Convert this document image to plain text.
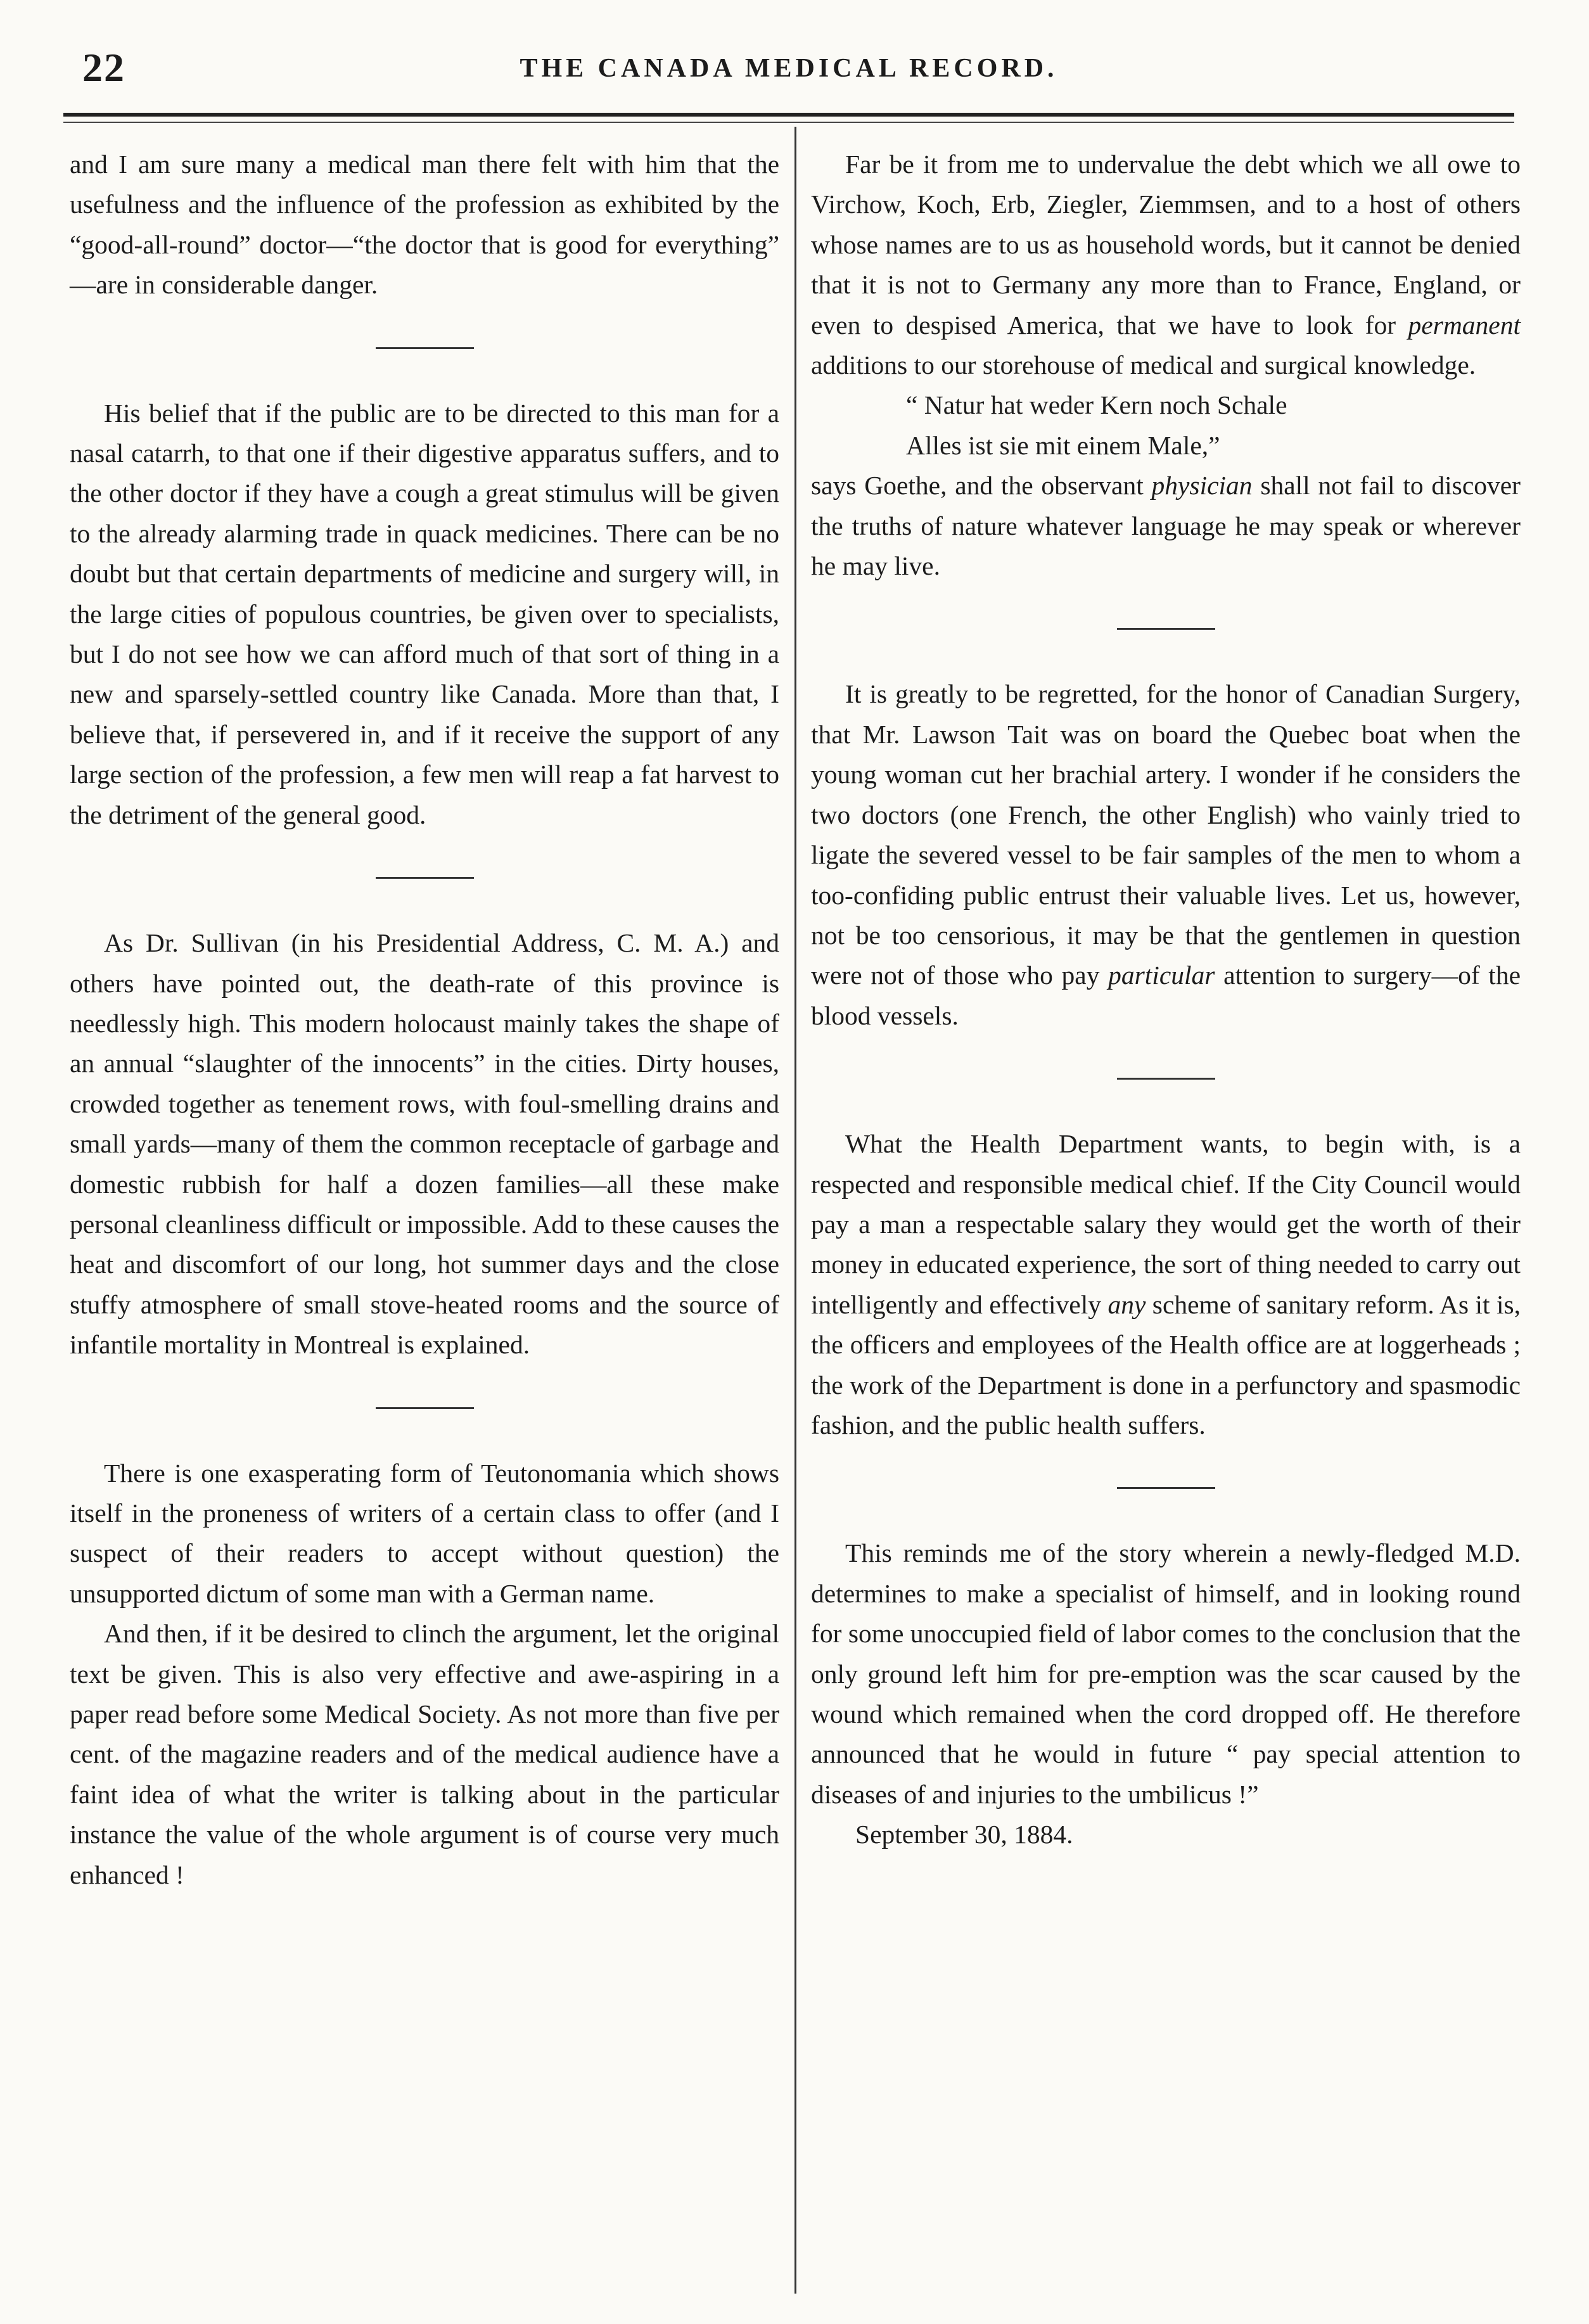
22	THE CANADA MEDICAL RECORD.

and I am sure many a medical man there felt with him that the usefulness and the influence of the profession as exhibited by the “good-all-round” doctor—“the doctor that is good for everything” —are in considerable danger.

His belief that if the public are to be directed to this man for a nasal catarrh, to that one if their digestive apparatus suffers, and to the other doctor if they have a cough a great stimulus will be given to the already alarming trade in quack medicines. There can be no doubt but that certain departments of medicine and surgery will, in the large cities of populous countries, be given over to specialists, but I do not see how we can afford much of that sort of thing in a new and sparsely-settled country like Canada. More than that, I believe that, if persevered in, and if it receive the support of any large section of the profession, a few men will reap a fat harvest to the detriment of the general good.

As Dr. Sullivan (in his Presidential Address, C. M. A.) and others have pointed out, the death-rate of this province is needlessly high. This modern holocaust mainly takes the shape of an annual “slaughter of the innocents” in the cities. Dirty houses, crowded together as tenement rows, with foul-smelling drains and small yards—many of them the common receptacle of garbage and domestic rubbish for half a dozen families—all these make personal cleanliness difficult or impossible. Add to these causes the heat and discomfort of our long, hot summer days and the close stuffy atmosphere of small stove-heated rooms and the source of infantile mortality in Montreal is explained.

There is one exasperating form of Teutonomania which shows itself in the proneness of writers of a certain class to offer (and I suspect of their readers to accept without question) the unsupported dictum of some man with a German name.

And then, if it be desired to clinch the argument, let the original text be given. This is also very effective and awe-aspiring in a paper read before some Medical Society. As not more than five per cent. of the magazine readers and of the medical audience have a faint idea of what the writer is talking about in the particular instance the value of the whole argument is of course very much enhanced !

Far be it from me to undervalue the debt which we all owe to Virchow, Koch, Erb, Ziegler, Ziemmsen, and to a host of others whose names are to us as household words, but it cannot be denied that it is not to Germany any more than to France, England, or even to despised America, that we have to look for permanent additions to our storehouse of medical and surgical knowledge.

“ Natur hat weder Kern noch Schale

Alles ist sie mit einem Male,”

says Goethe, and the observant physician shall not fail to discover the truths of nature whatever language he may speak or wherever he may live.

It is greatly to be regretted, for the honor of Canadian Surgery, that Mr. Lawson Tait was on board the Quebec boat when the young woman cut her brachial artery. I wonder if he considers the two doctors (one French, the other English) who vainly tried to ligate the severed vessel to be fair samples of the men to whom a too-confiding public entrust their valuable lives. Let us, however, not be too censorious, it may be that the gentlemen in question were not of those who pay particular attention to surgery—of the blood vessels.

What the Health Department wants, to begin with, is a respected and responsible medical chief. If the City Council would pay a man a respectable salary they would get the worth of their money in educated experience, the sort of thing needed to carry out intelligently and effectively any scheme of sanitary reform. As it is, the officers and employees of the Health office are at loggerheads ; the work of the Department is done in a perfunctory and spasmodic fashion, and the public health suffers.

This reminds me of the story wherein a newly-fledged M.D. determines to make a specialist of himself, and in looking round for some unoccupied field of labor comes to the conclusion that the only ground left him for pre-emption was the scar caused by the wound which remained when the cord dropped off. He therefore announced that he would in future “ pay special attention to diseases of and injuries to the umbilicus !”

September 30, 1884.
